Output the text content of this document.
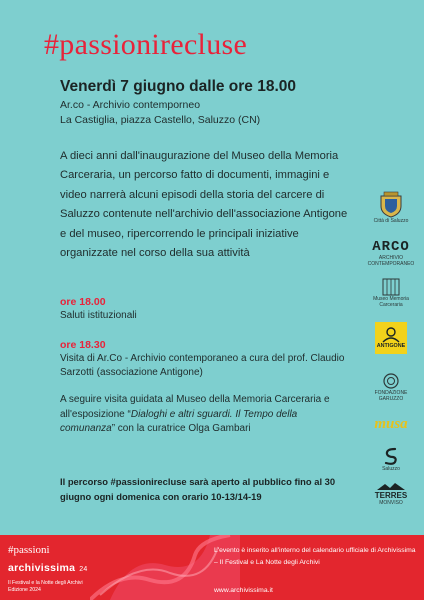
#passionirecluse
Venerdì 7 giugno dalle ore 18.00
Ar.co - Archivio contemporneo
La Castiglia, piazza Castello, Saluzzo (CN)
A dieci anni dall'inaugurazione del Museo della Memoria Carceraria, un percorso fatto di documenti, immagini e video narrerà alcuni episodi della storia del carcere di Saluzzo contenute nell'archivio dell'associazione Antigone e del museo, ripercorrendo le principali iniziative organizzate nel corso della sua attività
ore 18.00
Saluti istituzionali
ore 18.30
Visita di Ar.Co - Archivio contemporaneo a cura del prof. Claudio Sarzotti (associazione Antigone)
A seguire visita guidata al Museo della Memoria Carceraria e all'esposizione “Dialoghi e altri sguardi. Il Tempo della comunanza” con la curatrice Olga Gambari
Il percorso #passionirecluse sarà aperto al pubblico fino al 30 giugno ogni domenica con orario 10-13/14-19
Città di Saluzzo
ARCO
ARCHIVIO CONTEMPORANEO
Museo Memoria Carceraria
ANTIGONE
FONDAZIONE GARUZZO
musa
Saluzzo
TERRES
MONVISO
#passioni
archivissima 24
Il Festival e la Notte degli Archivi
Edizione 2024
L'evento è inserito all'interno del calendario ufficiale di Archivissima – Il Festival e La Notte degli Archivi
www.archivissima.it
